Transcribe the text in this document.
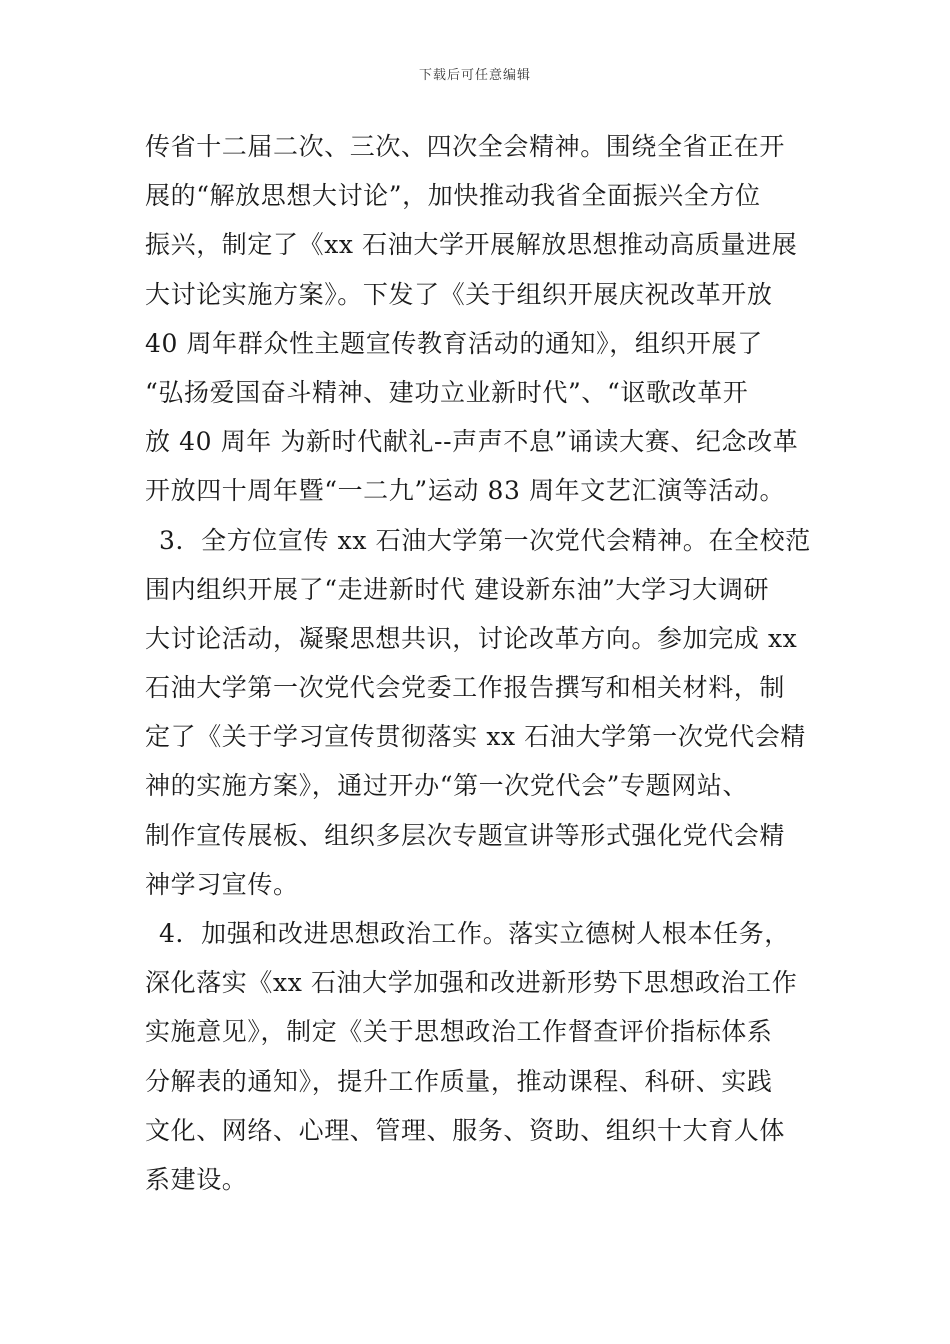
下载后可任意编辑
传省十二届二次、三次、四次全会精神。围绕全省正在开
展的“解放思想大讨论”，加快推动我省全面振兴全方位
振兴，制定了《xx 石油大学开展解放思想推动高质量进展
大讨论实施方案》。下发了《关于组织开展庆祝改革开放
40 周年群众性主题宣传教育活动的通知》，组织开展了
“弘扬爱国奋斗精神、建功立业新时代”、“讴歌改革开
放 40 周年 为新时代献礼--声声不息”诵读大赛、纪念改革
开放四十周年暨“一二九”运动 83 周年文艺汇演等活动。
3．全方位宣传 xx 石油大学第一次党代会精神。在全校范
围内组织开展了“走进新时代 建设新东油”大学习大调研
大讨论活动，凝聚思想共识，讨论改革方向。参加完成 xx
石油大学第一次党代会党委工作报告撰写和相关材料，制
定了《关于学习宣传贯彻落实 xx 石油大学第一次党代会精
神的实施方案》，通过开办“第一次党代会”专题网站、
制作宣传展板、组织多层次专题宣讲等形式强化党代会精
神学习宣传。
4．加强和改进思想政治工作。落实立德树人根本任务，
深化落实《xx 石油大学加强和改进新形势下思想政治工作
实施意见》，制定《关于思想政治工作督查评价指标体系
分解表的通知》，提升工作质量，推动课程、科研、实践
文化、网络、心理、管理、服务、资助、组织十大育人体
系建设。
